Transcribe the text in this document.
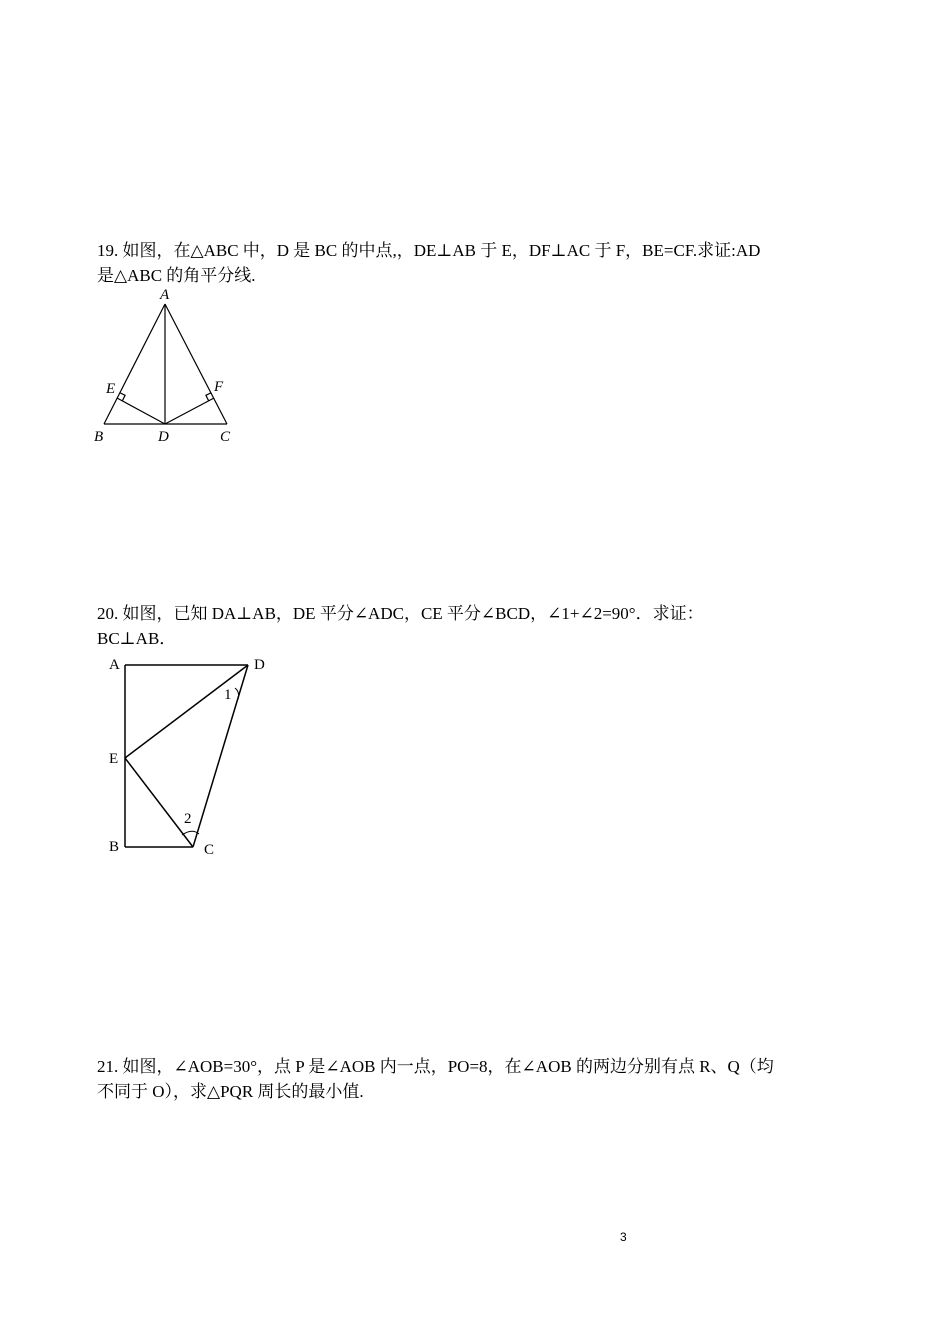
19. 如图，在△ABC 中，D 是 BC 的中点,，DE⊥AB 于 E，DF⊥AC 于 F，BE=CF.求证:AD
是△ABC 的角平分线.
A
E	F
B	D	C
20. 如图，已知 DA⊥AB，DE 平分∠ADC，CE 平分∠BCD，∠1+∠2=90°．求证：
BC⊥AB．
A	D
E
B	C
1
2
21. 如图，∠AOB=30°，点 P 是∠AOB 内一点，PO=8，在∠AOB 的两边分别有点 R、Q（均
不同于 O），求△PQR 周长的最小值.
3
